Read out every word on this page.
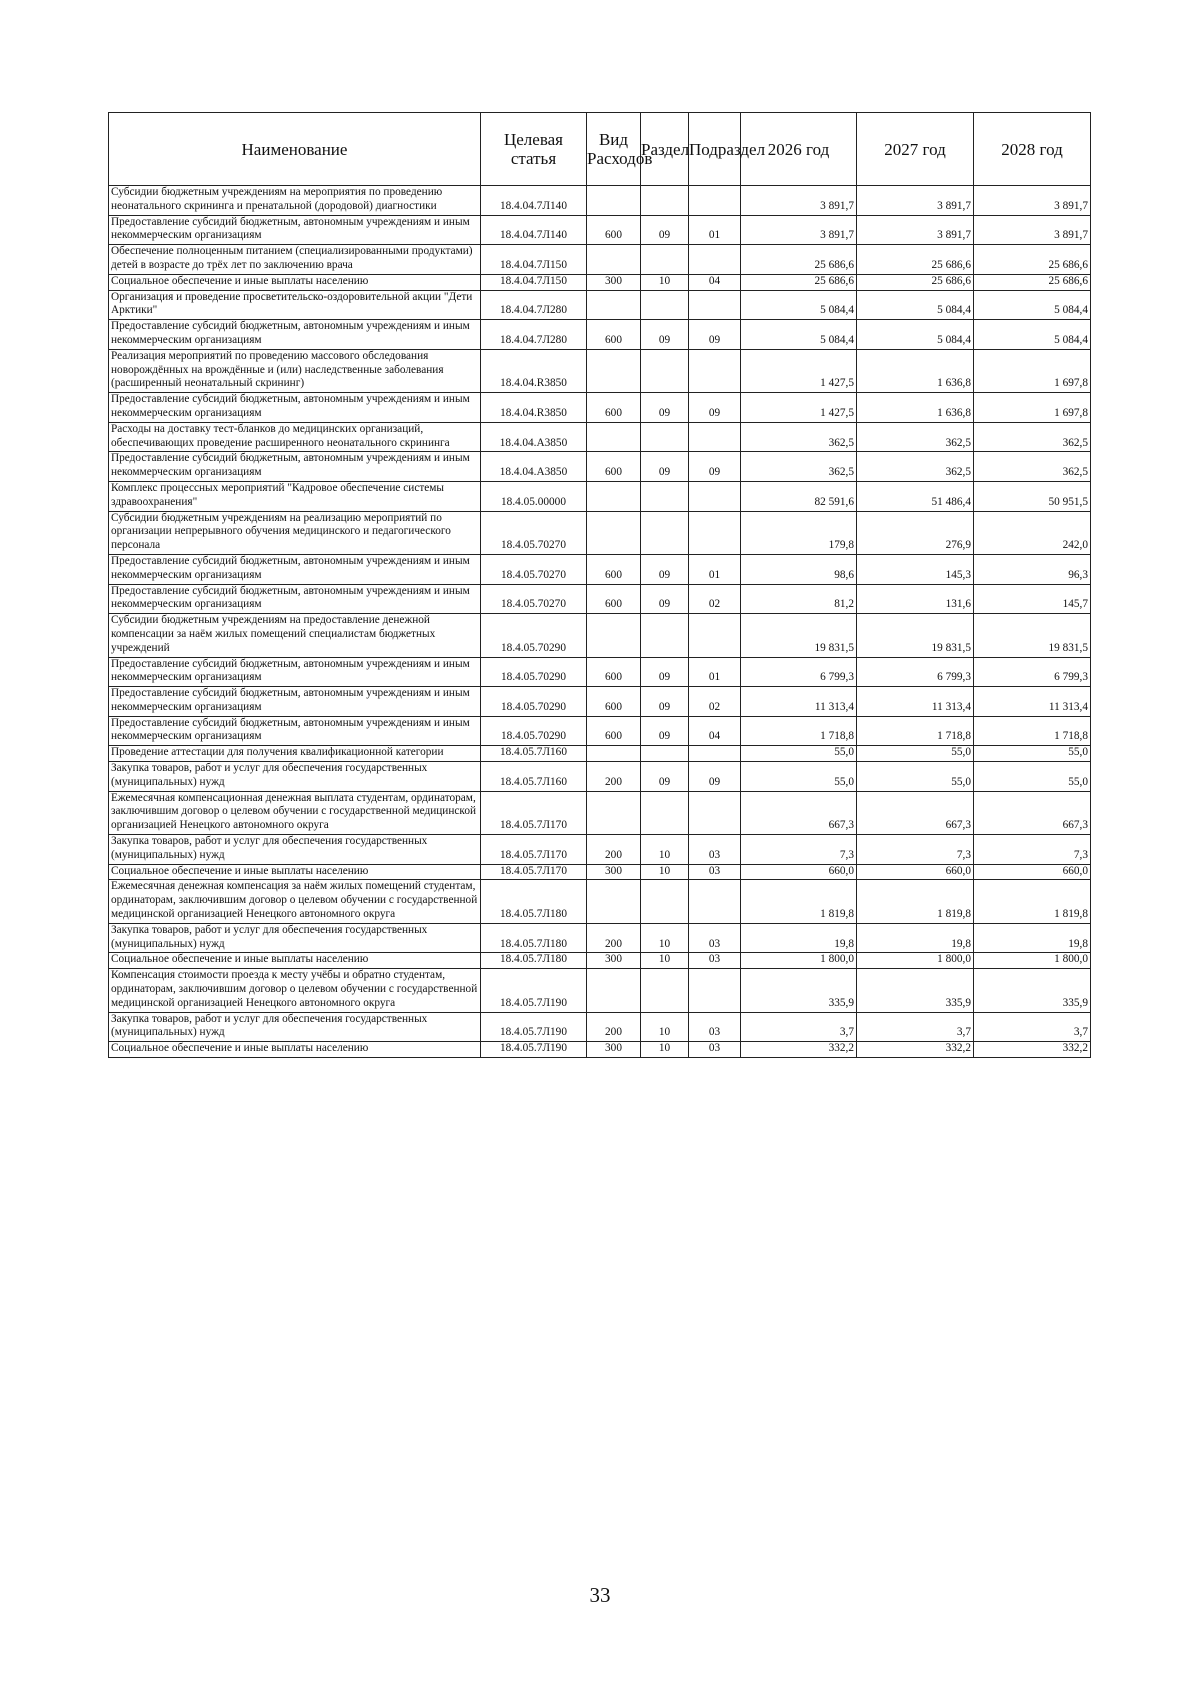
Наименование	Целевая статья	Вид Расходов	Раздел	Подраздел	2026 год	2027 год	2028 год
Субсидии бюджетным учреждениям на мероприятия по проведению неонатального скрининга и пренатальной (дородовой) диагностики	18.4.04.7Л140				3 891,7	3 891,7	3 891,7
Предоставление субсидий бюджетным, автономным учреждениям и иным некоммерческим организациям	18.4.04.7Л140	600	09	01	3 891,7	3 891,7	3 891,7
Обеспечение полноценным питанием (специализированными продуктами) детей в возрасте до трёх лет по заключению врача	18.4.04.7Л150				25 686,6	25 686,6	25 686,6
Социальное обеспечение и иные выплаты населению	18.4.04.7Л150	300	10	04	25 686,6	25 686,6	25 686,6
Организация и проведение просветительско-оздоровительной акции "Дети Арктики"	18.4.04.7Л280				5 084,4	5 084,4	5 084,4
Предоставление субсидий бюджетным, автономным учреждениям и иным некоммерческим организациям	18.4.04.7Л280	600	09	09	5 084,4	5 084,4	5 084,4
Реализация мероприятий по проведению массового обследования новорождённых на врождённые и (или) наследственные заболевания (расширенный неонатальный скрининг)	18.4.04.R3850				1 427,5	1 636,8	1 697,8
Предоставление субсидий бюджетным, автономным учреждениям и иным некоммерческим организациям	18.4.04.R3850	600	09	09	1 427,5	1 636,8	1 697,8
Расходы на доставку тест-бланков до медицинских организаций, обеспечивающих проведение расширенного неонатального скрининга	18.4.04.А3850				362,5	362,5	362,5
Предоставление субсидий бюджетным, автономным учреждениям и иным некоммерческим организациям	18.4.04.А3850	600	09	09	362,5	362,5	362,5
Комплекс процессных мероприятий "Кадровое обеспечение системы здравоохранения"	18.4.05.00000				82 591,6	51 486,4	50 951,5
Субсидии бюджетным учреждениям на реализацию мероприятий по организации непрерывного обучения медицинского и педагогического персонала	18.4.05.70270				179,8	276,9	242,0
Предоставление субсидий бюджетным, автономным учреждениям и иным некоммерческим организациям	18.4.05.70270	600	09	01	98,6	145,3	96,3
Предоставление субсидий бюджетным, автономным учреждениям и иным некоммерческим организациям	18.4.05.70270	600	09	02	81,2	131,6	145,7
Субсидии бюджетным учреждениям на предоставление денежной компенсации за наём жилых помещений специалистам бюджетных учреждений	18.4.05.70290				19 831,5	19 831,5	19 831,5
Предоставление субсидий бюджетным, автономным учреждениям и иным некоммерческим организациям	18.4.05.70290	600	09	01	6 799,3	6 799,3	6 799,3
Предоставление субсидий бюджетным, автономным учреждениям и иным некоммерческим организациям	18.4.05.70290	600	09	02	11 313,4	11 313,4	11 313,4
Предоставление субсидий бюджетным, автономным учреждениям и иным некоммерческим организациям	18.4.05.70290	600	09	04	1 718,8	1 718,8	1 718,8
Проведение аттестации для получения квалификационной категории	18.4.05.7Л160				55,0	55,0	55,0
Закупка товаров, работ и услуг для обеспечения государственных (муниципальных) нужд	18.4.05.7Л160	200	09	09	55,0	55,0	55,0
Ежемесячная компенсационная денежная выплата студентам, ординаторам, заключившим договор о целевом обучении с государственной медицинской организацией Ненецкого автономного округа	18.4.05.7Л170				667,3	667,3	667,3
Закупка товаров, работ и услуг для обеспечения государственных (муниципальных) нужд	18.4.05.7Л170	200	10	03	7,3	7,3	7,3
Социальное обеспечение и иные выплаты населению	18.4.05.7Л170	300	10	03	660,0	660,0	660,0
Ежемесячная денежная компенсация за наём жилых помещений студентам, ординаторам, заключившим договор о целевом обучении с государственной медицинской организацией Ненецкого автономного округа	18.4.05.7Л180				1 819,8	1 819,8	1 819,8
Закупка товаров, работ и услуг для обеспечения государственных (муниципальных) нужд	18.4.05.7Л180	200	10	03	19,8	19,8	19,8
Социальное обеспечение и иные выплаты населению	18.4.05.7Л180	300	10	03	1 800,0	1 800,0	1 800,0
Компенсация стоимости проезда к месту учёбы и обратно студентам, ординаторам, заключившим договор о целевом обучении с государственной медицинской организацией Ненецкого автономного округа	18.4.05.7Л190				335,9	335,9	335,9
Закупка товаров, работ и услуг для обеспечения государственных (муниципальных) нужд	18.4.05.7Л190	200	10	03	3,7	3,7	3,7
Социальное обеспечение и иные выплаты населению	18.4.05.7Л190	300	10	03	332,2	332,2	332,2
33
